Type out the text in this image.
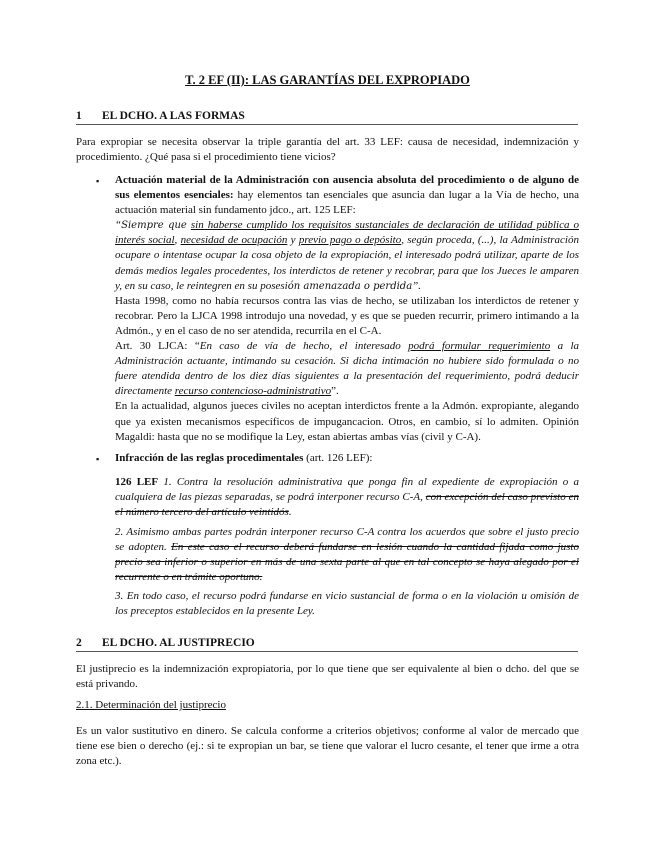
T. 2 EF (II): LAS GARANTÍAS DEL EXPROPIADO
1 EL DCHO. A LAS FORMAS
Para expropiar se necesita observar la triple garantía del art. 33 LEF: causa de necesidad, indemnización y procedimiento. ¿Qué pasa si el procedimiento tiene vicios?
▪ Actuación material de la Administración con ausencia absoluta del procedimiento o de alguno de sus elementos esenciales: hay elementos tan esenciales que asuncia dan lugar a la Vía de hecho, una actuación material sin fundamento jdco., art. 125 LEF:

“Siempre que sin haberse cumplido los requisitos sustanciales de declaración de utilidad pública o interés social, necesidad de ocupación y previo pago o depósito, según proceda, (...), la Administración ocupare o intentase ocupar la cosa objeto de la expropiación, el interesado podrá utilizar, aparte de los demás medios legales procedentes, los interdictos de retener y recobrar, para que los Jueces le amparen y, en su caso, le reintegren en su posesión amenazada o perdida”.

Hasta 1998, como no había recursos contra las vias de hecho, se utilizaban los interdictos de retener y recobrar. Pero la LJCA 1998 introdujo una novedad, y es que se pueden recurrir, primero intimando a la Admón., y en el caso de no ser atendida, recurrila en el C-A.

Art. 30 LJCA: “En caso de vía de hecho, el interesado podrá formular requerimiento a la Administración actuante, intimando su cesación. Si dicha intimación no hubiere sido formulada o no fuere atendida dentro de los diez días siguientes a la presentación del requerimiento, podrá deducir directamente recurso contencioso-administrativo”.

En la actualidad, algunos jueces civiles no aceptan interdictos frente a la Admón. expropiante, alegando que ya existen mecanismos específicos de impugancacion. Otros, en cambio, sí lo admiten. Opinión Magaldi: hasta que no se modifique la Ley, estan abiertas ambas vías (civil y C-A).

▪ Infracción de las reglas procedimentales (art. 126 LEF):
126 LEF 1. Contra la resolución administrativa que ponga fin al expediente de expropiación o a cualquiera de las piezas separadas, se podrá interponer recurso C-A, con excepción del caso previsto en el número tercero del artículo veintidós.
2. Asimismo ambas partes podrán interponer recurso C-A contra los acuerdos que sobre el justo precio se adopten. En este caso el recurso deberá fundarse en lesión cuando la cantidad fijada como justo precio sea inferior o superior en más de una sexta parte al que en tal concepto se haya alegado por el recurrente o en trámite oportuno.
3. En todo caso, el recurso podrá fundarse en vicio sustancial de forma o en la violación u omisión de los preceptos establecidos en la presente Ley.
2 EL DCHO. AL JUSTIPRECIO
El justiprecio es la indemnización expropiatoria, por lo que tiene que ser equivalente al bien o dcho. del que se está privando.
2.1. Determinación del justiprecio
Es un valor sustitutivo en dinero. Se calcula conforme a criterios objetivos; conforme al valor de mercado que tiene ese bien o derecho (ej.: si te expropian un bar, se tiene que valorar el lucro cesante, el tener que irme a otra zona etc.).
